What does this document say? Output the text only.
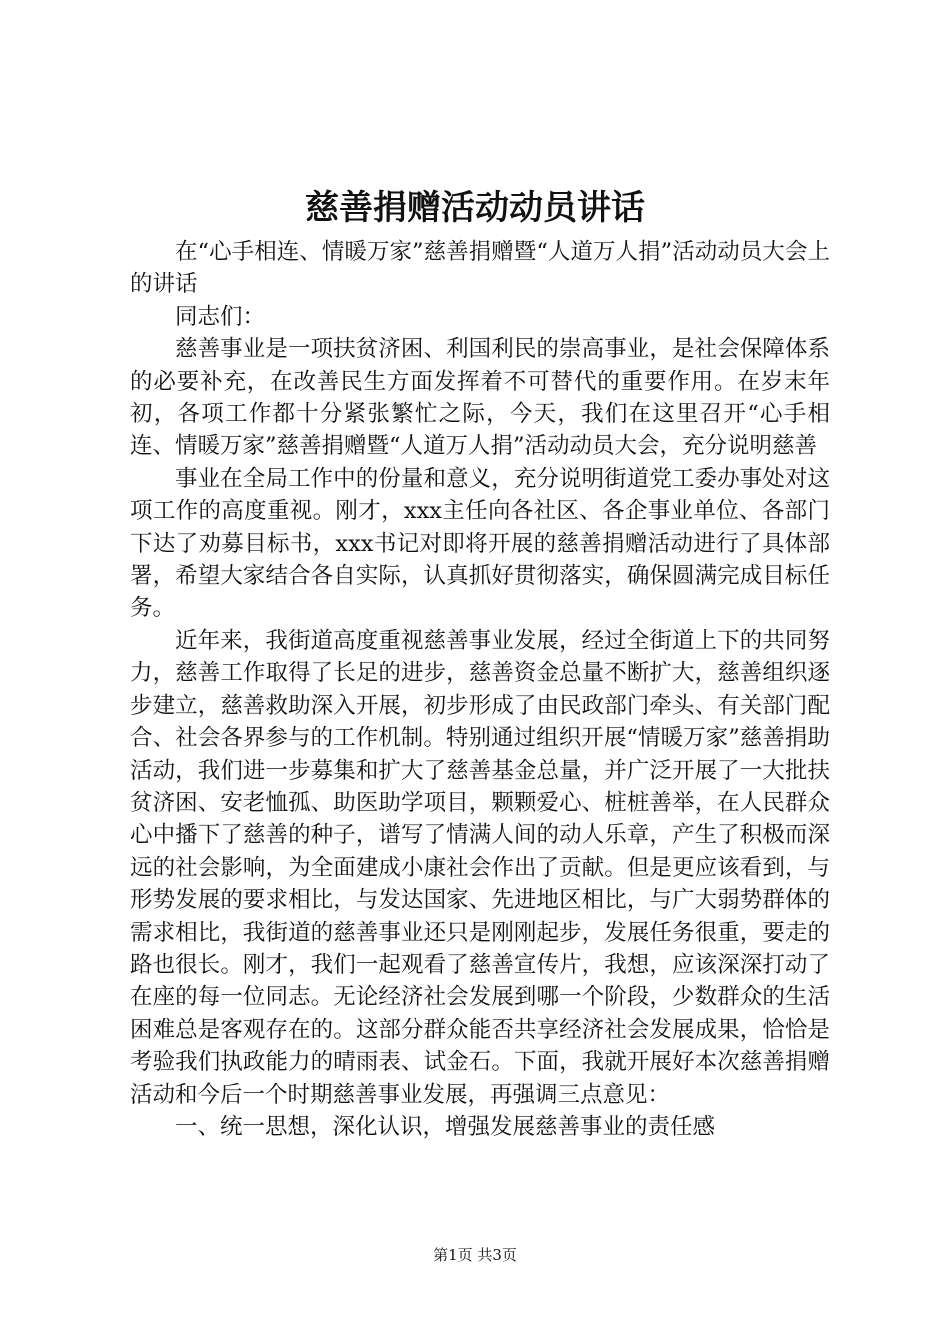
慈善捐赠活动动员讲话

在“心手相连、情暖万家”慈善捐赠暨“人道万人捐”活动动员大会上的讲话

同志们：

慈善事业是一项扶贫济困、利国利民的崇高事业，是社会保障体系的必要补充，在改善民生方面发挥着不可替代的重要作用。在岁末年初，各项工作都十分紧张繁忙之际，今天，我们在这里召开“心手相连、情暖万家”慈善捐赠暨“人道万人捐”活动动员大会，充分说明慈善

事业在全局工作中的份量和意义，充分说明街道党工委办事处对这项工作的高度重视。刚才，xxx主任向各社区、各企事业单位、各部门下达了劝募目标书，xxx书记对即将开展的慈善捐赠活动进行了具体部署，希望大家结合各自实际，认真抓好贯彻落实，确保圆满完成目标任务。

近年来，我街道高度重视慈善事业发展，经过全街道上下的共同努力，慈善工作取得了长足的进步，慈善资金总量不断扩大，慈善组织逐步建立，慈善救助深入开展，初步形成了由民政部门牵头、有关部门配合、社会各界参与的工作机制。特别通过组织开展“情暖万家”慈善捐助活动，我们进一步募集和扩大了慈善基金总量，并广泛开展了一大批扶贫济困、安老恤孤、助医助学项目，颗颗爱心、桩桩善举，在人民群众心中播下了慈善的种子，谱写了情满人间的动人乐章，产生了积极而深远的社会影响，为全面建成小康社会作出了贡献。但是更应该看到，与形势发展的要求相比，与发达国家、先进地区相比，与广大弱势群体的需求相比，我街道的慈善事业还只是刚刚起步，发展任务很重，要走的路也很长。刚才，我们一起观看了慈善宣传片，我想，应该深深打动了在座的每一位同志。无论经济社会发展到哪一个阶段，少数群众的生活困难总是客观存在的。这部分群众能否共享经济社会发展成果，恰恰是考验我们执政能力的晴雨表、试金石。下面，我就开展好本次慈善捐赠活动和今后一个时期慈善事业发展，再强调三点意见：

一、统一思想，深化认识，增强发展慈善事业的责任感

第1页 共3页
